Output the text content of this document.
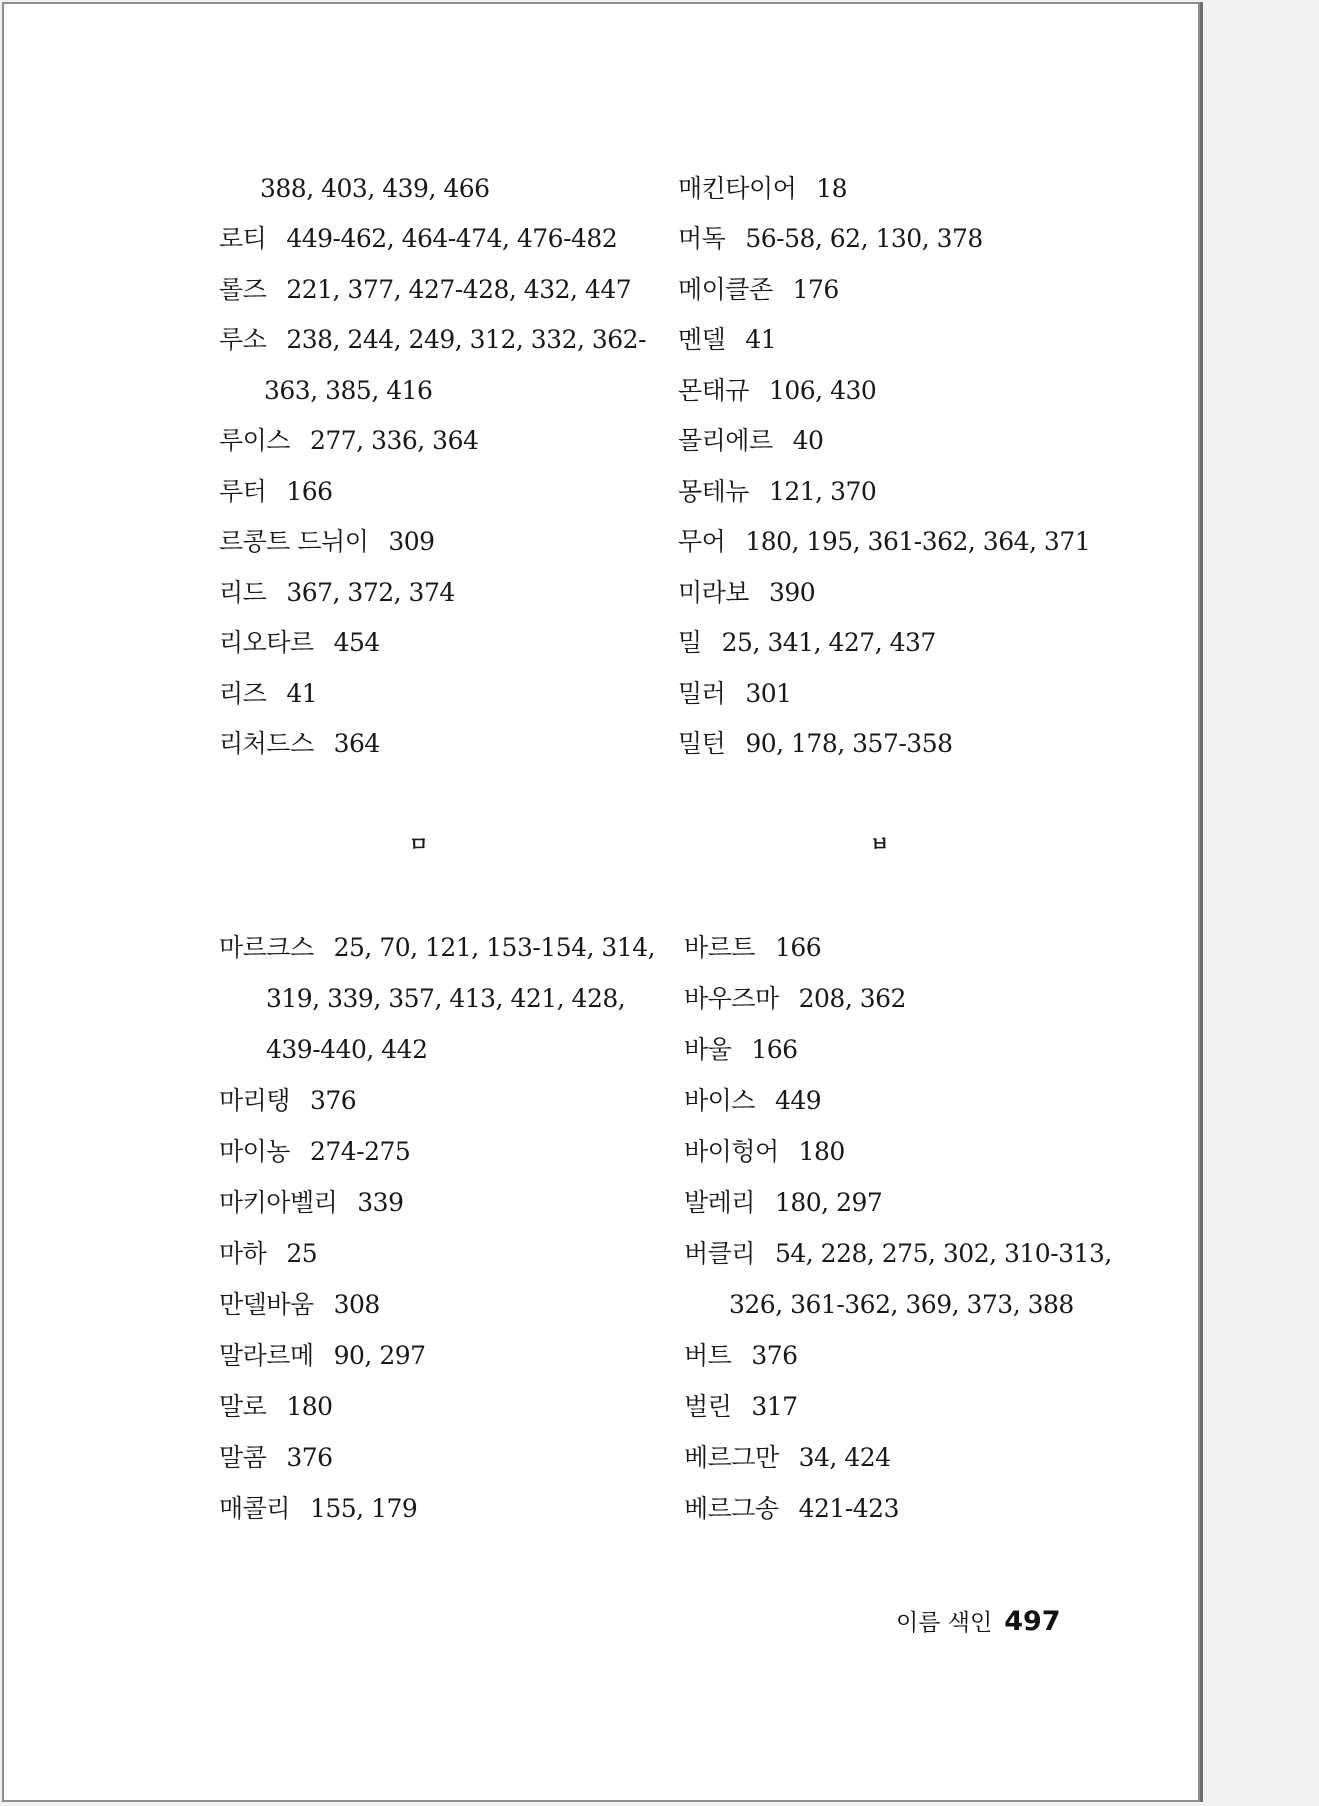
388, 403, 439, 466
로티 449-462, 464-474, 476-482
롤즈 221, 377, 427-428, 432, 447
루소 238, 244, 249, 312, 332, 362-
363, 385, 416
루이스 277, 336, 364
루터 166
르콩트 드뉘이 309
리드 367, 372, 374
리오타르 454
리즈 41
리처드스 364
매킨타이어 18
머독 56-58, 62, 130, 378
메이클존 176
멘델 41
몬태규 106, 430
몰리에르 40
몽테뉴 121, 370
무어 180, 195, 361-362, 364, 371
미라보 390
밀 25, 341, 427, 437
밀러 301
밀턴 90, 178, 357-358
ㅁ	ㅂ
마르크스 25, 70, 121, 153-154, 314,
319, 339, 357, 413, 421, 428,
439-440, 442
마리탱 376
마이농 274-275
마키아벨리 339
마하 25
만델바움 308
말라르메 90, 297
말로 180
말콤 376
매콜리 155, 179
바르트 166
바우즈마 208, 362
바울 166
바이스 449
바이헝어 180
발레리 180, 297
버클리 54, 228, 275, 302, 310-313,
326, 361-362, 369, 373, 388
버트 376
벌린 317
베르그만 34, 424
베르그송 421-423
이름 색인 497
